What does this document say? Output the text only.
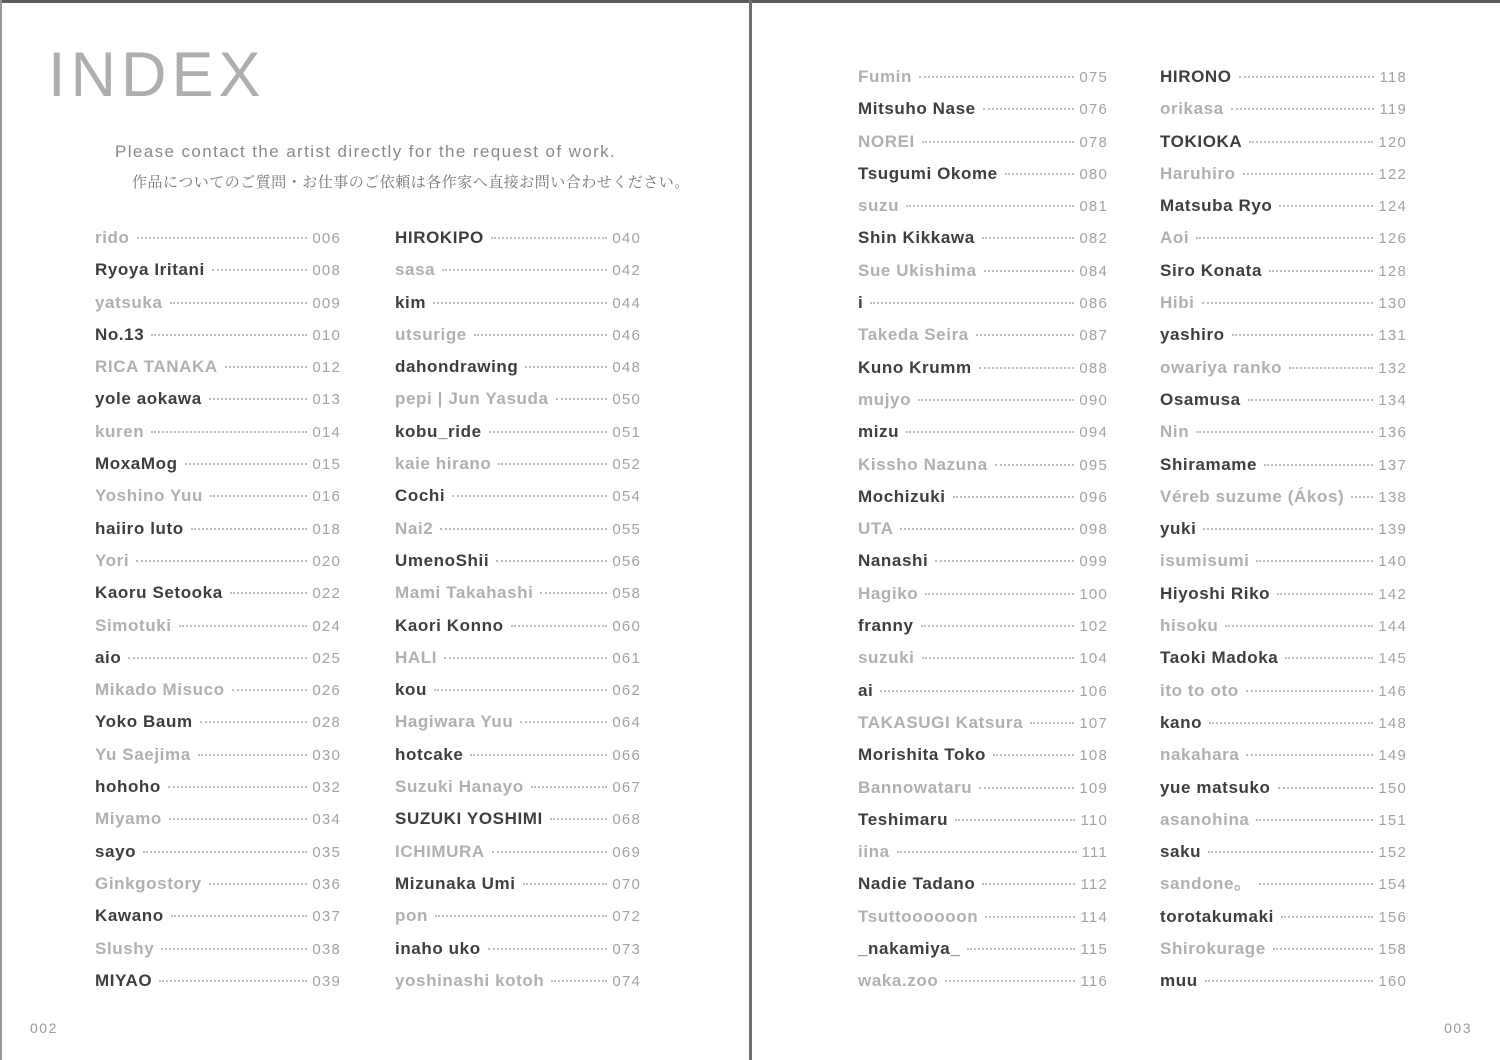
INDEX
Please contact the artist directly for the request of work.
作品についてのご質問・お仕事のご依頼は各作家へ直接お問い合わせください。
rido	006
Ryoya Iritani	008
yatsuka	009
No.13	010
RICA TANAKA	012
yole aokawa	013
kuren	014
MoxaMog	015
Yoshino Yuu	016
haiiro luto	018
Yori	020
Kaoru Setooka	022
Simotuki	024
aio	025
Mikado Misuco	026
Yoko Baum	028
Yu Saejima	030
hohoho	032
Miyamo	034
sayo	035
Ginkgostory	036
Kawano	037
Slushy	038
MIYAO	039
HIROKIPO	040
sasa	042
kim	044
utsurige	046
dahondrawing	048
pepi | Jun Yasuda	050
kobu_ride	051
kaie hirano	052
Cochi	054
Nai2	055
UmenoShii	056
Mami Takahashi	058
Kaori Konno	060
HALI	061
kou	062
Hagiwara Yuu	064
hotcake	066
Suzuki Hanayo	067
SUZUKI YOSHIMI	068
ICHIMURA	069
Mizunaka Umi	070
pon	072
inaho uko	073
yoshinashi kotoh	074
Fumin	075
Mitsuho Nase	076
NOREI	078
Tsugumi Okome	080
suzu	081
Shin Kikkawa	082
Sue Ukishima	084
i	086
Takeda Seira	087
Kuno Krumm	088
mujyo	090
mizu	094
Kissho Nazuna	095
Mochizuki	096
UTA	098
Nanashi	099
Hagiko	100
franny	102
suzuki	104
ai	106
TAKASUGI Katsura	107
Morishita Toko	108
Bannowataru	109
Teshimaru	110
iina	111
Nadie Tadano	112
Tsuttoooooon	114
_nakamiya_	115
waka.zoo	116
HIRONO	118
orikasa	119
TOKIOKA	120
Haruhiro	122
Matsuba Ryo	124
Aoi	126
Siro Konata	128
Hibi	130
yashiro	131
owariya ranko	132
Osamusa	134
Nin	136
Shiramame	137
Véreb suzume (Ákos) 138
yuki	139
isumisumi	140
Hiyoshi Riko	142
hisoku	144
Taoki Madoka	145
ito to oto	146
kano	148
nakahara	149
yue matsuko	150
asanohina	151
saku	152
sandone。	154
torotakumaki	156
Shirokurage	158
muu	160
002	003
